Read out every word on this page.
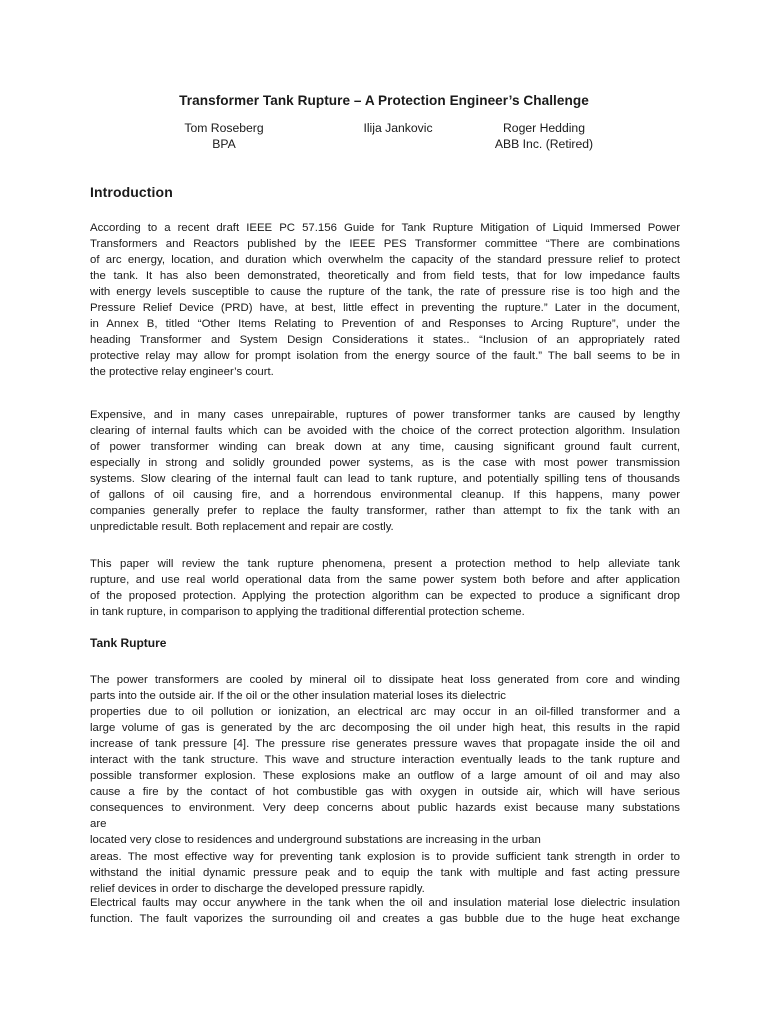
Transformer Tank Rupture – A Protection Engineer’s Challenge
Tom Roseberg
BPA
Ilija Jankovic	Roger Hedding
ABB Inc. (Retired)
Introduction

According to a recent draft IEEE PC 57.156 Guide for Tank Rupture Mitigation of Liquid Immersed Power
Transformers and Reactors published by the IEEE PES Transformer committee “There are combinations
of arc energy, location, and duration which overwhelm the capacity of the standard pressure relief to protect
the tank. It has also been demonstrated, theoretically and from field tests, that for low impedance faults
with energy levels susceptible to cause the rupture of the tank, the rate of pressure rise is too high and the
Pressure Relief Device (PRD) have, at best, little effect in preventing the rupture.” Later in the document,
in Annex B, titled “Other Items Relating to Prevention of and Responses to Arcing Rupture”, under the
heading Transformer and System Design Considerations it states.. “Inclusion of an appropriately rated
protective relay may allow for prompt isolation from the energy source of the fault.” The ball seems to be in
the protective relay engineer’s court.

Expensive, and in many cases unrepairable, ruptures of power transformer tanks are caused by lengthy
clearing of internal faults which can be avoided with the choice of the correct protection algorithm. Insulation
of power transformer winding can break down at any time, causing significant ground fault current,
especially in strong and solidly grounded power systems, as is the case with most power transmission
systems. Slow clearing of the internal fault can lead to tank rupture, and potentially spilling tens of thousands
of gallons of oil causing fire, and a horrendous environmental cleanup. If this happens, many power
companies generally prefer to replace the faulty transformer, rather than attempt to fix the tank with an
unpredictable result. Both replacement and repair are costly.

This paper will review the tank rupture phenomena, present a protection method to help alleviate tank
rupture, and use real world operational data from the same power system both before and after application
of the proposed protection. Applying the protection algorithm can be expected to produce a significant drop
in tank rupture, in comparison to applying the traditional differential protection scheme.

Tank Rupture

The power transformers are cooled by mineral oil to dissipate heat loss generated from core and winding
parts into the outside air. If the oil or the other insulation material loses its dielectric
properties due to oil pollution or ionization, an electrical arc may occur in an oil-filled transformer and a
large volume of gas is generated by the arc decomposing the oil under high heat, this results in the rapid
increase of tank pressure [4]. The pressure rise generates pressure waves that propagate inside the oil and
interact with the tank structure. This wave and structure interaction eventually leads to the tank rupture and
possible transformer explosion. These explosions make an outflow of a large amount of oil and may also
cause a fire by the contact of hot combustible gas with oxygen in outside air, which will have serious
consequences to environment. Very deep concerns about public hazards exist because many substations
are
located very close to residences and underground substations are increasing in the urban
areas. The most effective way for preventing tank explosion is to provide sufficient tank strength in order to
withstand the initial dynamic pressure peak and to equip the tank with multiple and fast acting pressure
relief devices in order to discharge the developed pressure rapidly.

Electrical faults may occur anywhere in the tank when the oil and insulation material lose dielectric insulation
function. The fault vaporizes the surrounding oil and creates a gas bubble due to the huge heat exchange
